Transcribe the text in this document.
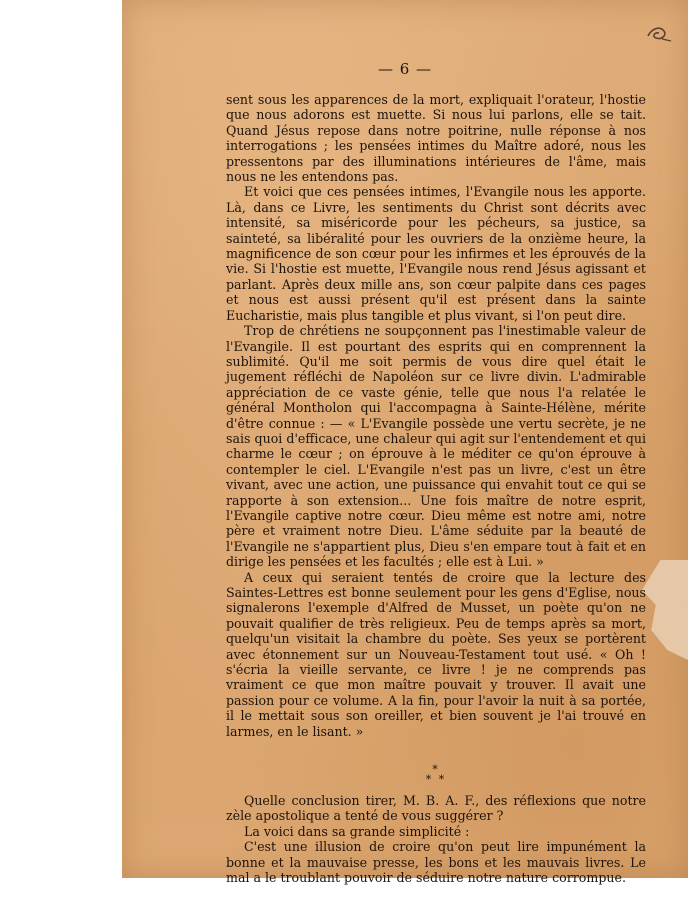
— 6 —

sent sous les apparences de la mort, expliquait l'orateur, l'hostie que nous adorons est muette. Si nous lui parlons, elle se tait. Quand Jésus repose dans notre poitrine, nulle réponse à nos interrogations ; les pensées intimes du Maître adoré, nous les pressentons par des illuminations intérieures de l'âme, mais nous ne les entendons pas.

Et voici que ces pensées intimes, l'Evangile nous les apporte. Là, dans ce Livre, les sentiments du Christ sont décrits avec intensité, sa miséricorde pour les pécheurs, sa justice, sa sainteté, sa libéralité pour les ouvriers de la onzième heure, la magnificence de son cœur pour les infirmes et les éprouvés de la vie. Si l'hostie est muette, l'Evangile nous rend Jésus agissant et parlant. Après deux mille ans, son cœur palpite dans ces pages et nous est aussi présent qu'il est présent dans la sainte Eucharistie, mais plus tangible et plus vivant, si l'on peut dire.

Trop de chrétiens ne soupçonnent pas l'inestimable valeur de l'Evangile. Il est pourtant des esprits qui en comprennent la sublimité. Qu'il me soit permis de vous dire quel était le jugement réfléchi de Napoléon sur ce livre divin. L'admirable appréciation de ce vaste génie, telle que nous l'a relatée le général Montholon qui l'accompagna à Sainte-Hélène, mérite d'être connue : — « L'Evangile possède une vertu secrète, je ne sais quoi d'efficace, une chaleur qui agit sur l'entendement et qui charme le cœur ; on éprouve à le méditer ce qu'on éprouve à contempler le ciel. L'Evangile n'est pas un livre, c'est un être vivant, avec une action, une puissance qui envahit tout ce qui se rapporte à son extension... Une fois maître de notre esprit, l'Evangile captive notre cœur. Dieu même est notre ami, notre père et vraiment notre Dieu. L'âme séduite par la beauté de l'Evangile ne s'appartient plus, Dieu s'en empare tout à fait et en dirige les pensées et les facultés ; elle est à Lui. »

A ceux qui seraient tentés de croire que la lecture des Saintes-Lettres est bonne seulement pour les gens d'Eglise, nous signalerons l'exemple d'Alfred de Musset, un poète qu'on ne pouvait qualifier de très religieux. Peu de temps après sa mort, quelqu'un visitait la chambre du poète. Ses yeux se portèrent avec étonnement sur un Nouveau-Testament tout usé. « Oh ! s'écria la vieille servante, ce livre ! je ne comprends pas vraiment ce que mon maître pouvait y trouver. Il avait une passion pour ce volume. A la fin, pour l'avoir la nuit à sa portée, il le mettait sous son oreiller, et bien souvent je l'ai trouvé en larmes, en le lisant. »

*
* *

Quelle conclusion tirer, M. B. A. F., des réflexions que notre zèle apostolique a tenté de vous suggérer ?

La voici dans sa grande simplicité :

C'est une illusion de croire qu'on peut lire impunément la bonne et la mauvaise presse, les bons et les mauvais livres. Le mal a le troublant pouvoir de séduire notre nature corrompue.
